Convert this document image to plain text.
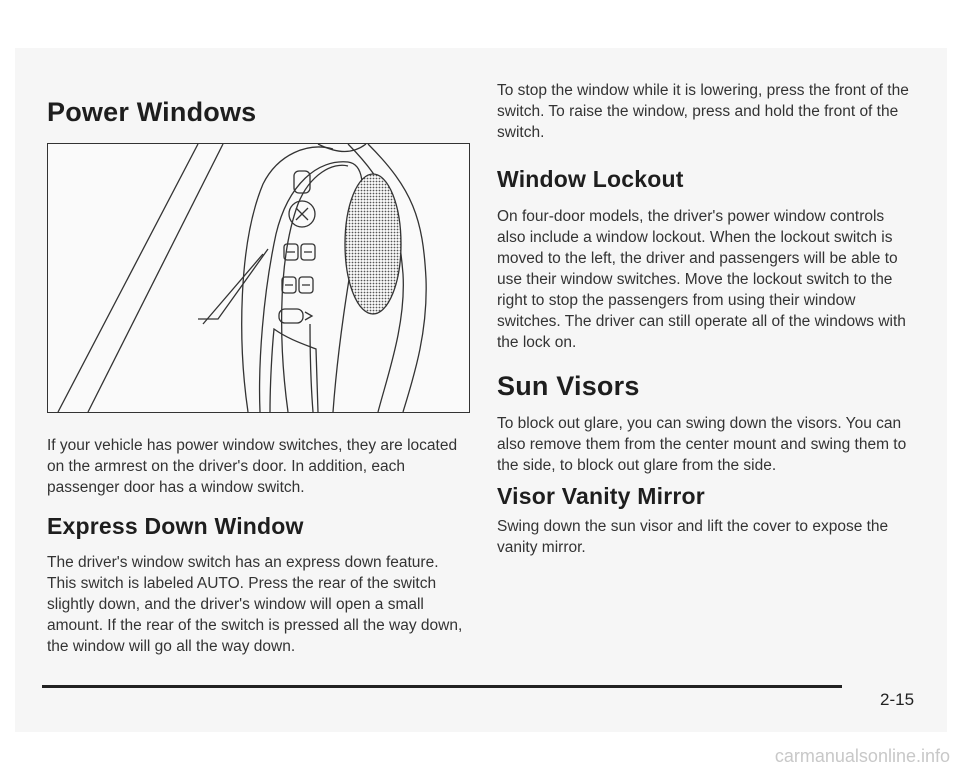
Power Windows

If your vehicle has power window switches, they are located on the armrest on the driver's door. In addition, each passenger door has a window switch.

Express Down Window

The driver's window switch has an express down feature. This switch is labeled AUTO. Press the rear of the switch slightly down, and the driver's window will open a small amount. If the rear of the switch is pressed all the way down, the window will go all the way down.

To stop the window while it is lowering, press the front of the switch. To raise the window, press and hold the front of the switch.

Window Lockout

On four-door models, the driver's power window controls also include a window lockout. When the lockout switch is moved to the left, the driver and passengers will be able to use their window switches. Move the lockout switch to the right to stop the passengers from using their window switches. The driver can still operate all of the windows with the lock on.

Sun Visors

To block out glare, you can swing down the visors. You can also remove them from the center mount and swing them to the side, to block out glare from the side.

Visor Vanity Mirror

Swing down the sun visor and lift the cover to expose the vanity mirror.

2-15
carmanualsonline.info
